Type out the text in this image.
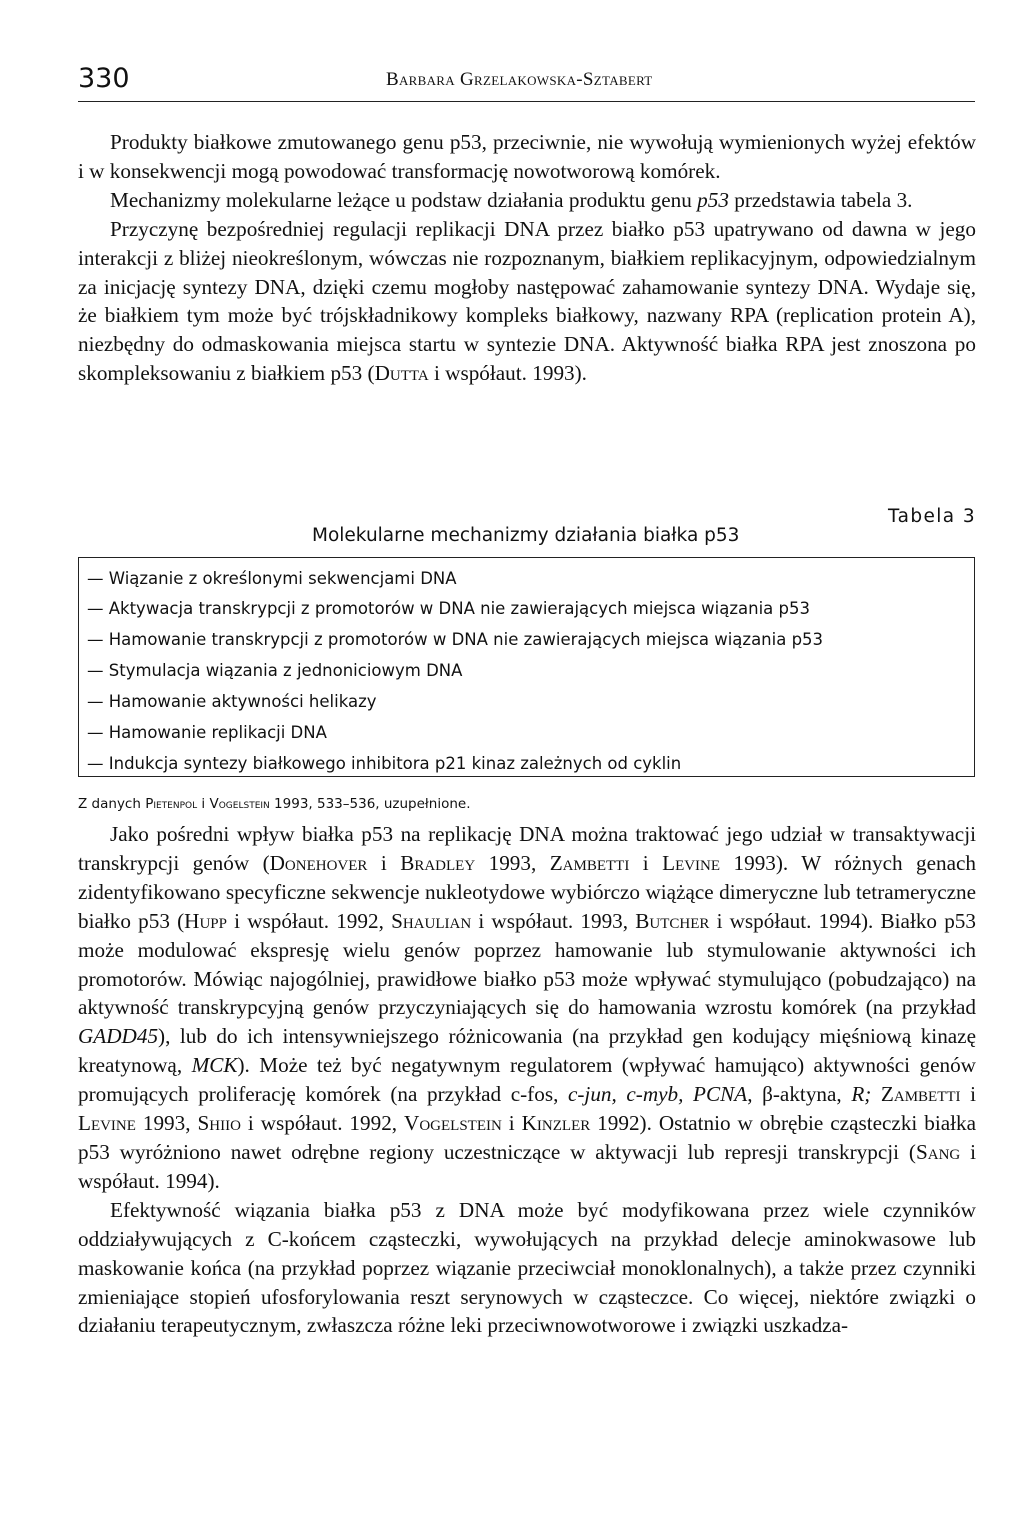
330	Barbara Grzelakowska-Sztabert

Produkty białkowe zmutowanego genu p53, przeciwnie, nie wywołują wymienionych wyżej efektów i w konsekwencji mogą powodować transformację nowotworową komórek.

Mechanizmy molekularne leżące u podstaw działania produktu genu p53 przedstawia tabela 3.

Przyczynę bezpośredniej regulacji replikacji DNA przez białko p53 upatrywano od dawna w jego interakcji z bliżej nieokreślonym, wówczas nie rozpoznanym, białkiem replikacyjnym, odpowiedzialnym za inicjację syntezy DNA, dzięki czemu mogłoby następować zahamowanie syntezy DNA. Wydaje się, że białkiem tym może być trójskładnikowy kompleks białkowy, nazwany RPA (replication protein A), niezbędny do odmaskowania miejsca startu w syntezie DNA. Aktywność białka RPA jest znoszona po skompleksowaniu z białkiem p53 (Dutta i współaut. 1993).

Tabela 3
Molekularne mechanizmy działania białka p53
— Wiązanie z określonymi sekwencjami DNA
— Aktywacja transkrypcji z promotorów w DNA nie zawierających miejsca wiązania p53
— Hamowanie transkrypcji z promotorów w DNA nie zawierających miejsca wiązania p53
— Stymulacja wiązania z jednoniciowym DNA
— Hamowanie aktywności helikazy
— Hamowanie replikacji DNA
— Indukcja syntezy białkowego inhibitora p21 kinaz zależnych od cyklin
Z danych Pietenpol i Vogelstein 1993, 533–536, uzupełnione.

Jako pośredni wpływ białka p53 na replikację DNA można traktować jego udział w transaktywacji transkrypcji genów (Donehover i Bradley 1993, Zambetti i Levine 1993). W różnych genach zidentyfikowano specyficzne sekwencje nukleotydowe wybiórczo wiążące dimeryczne lub tetrameryczne białko p53 (Hupp i współaut. 1992, Shaulian i współaut. 1993, Butcher i współaut. 1994). Białko p53 może modulować ekspresję wielu genów poprzez hamowanie lub stymulowanie aktywności ich promotorów. Mówiąc najogólniej, prawidłowe białko p53 może wpływać stymulująco (pobudzająco) na aktywność transkrypcyjną genów przyczyniających się do hamowania wzrostu komórek (na przykład GADD45), lub do ich intensywniejszego różnicowania (na przykład gen kodujący mięśniową kinazę kreatynową, MCK). Może też być negatywnym regulatorem (wpływać hamująco) aktywności genów promujących proliferację komórek (na przykład c-fos, c-jun, c-myb, PCNA, β-aktyna, R; Zambetti i Levine 1993, Shiio i współaut. 1992, Vogelstein i Kinzler 1992). Ostatnio w obrębie cząsteczki białka p53 wyróżniono nawet odrębne regiony uczestniczące w aktywacji lub represji transkrypcji (Sang i współaut. 1994).

Efektywność wiązania białka p53 z DNA może być modyfikowana przez wiele czynników oddziaływujących z C-końcem cząsteczki, wywołujących na przykład delecje aminokwasowe lub maskowanie końca (na przykład poprzez wiązanie przeciwciał monoklonalnych), a także przez czynniki zmieniające stopień ufosforylowania reszt serynowych w cząsteczce. Co więcej, niektóre związki o działaniu terapeutycznym, zwłaszcza różne leki przeciwnowotworowe i związki uszkadza-
